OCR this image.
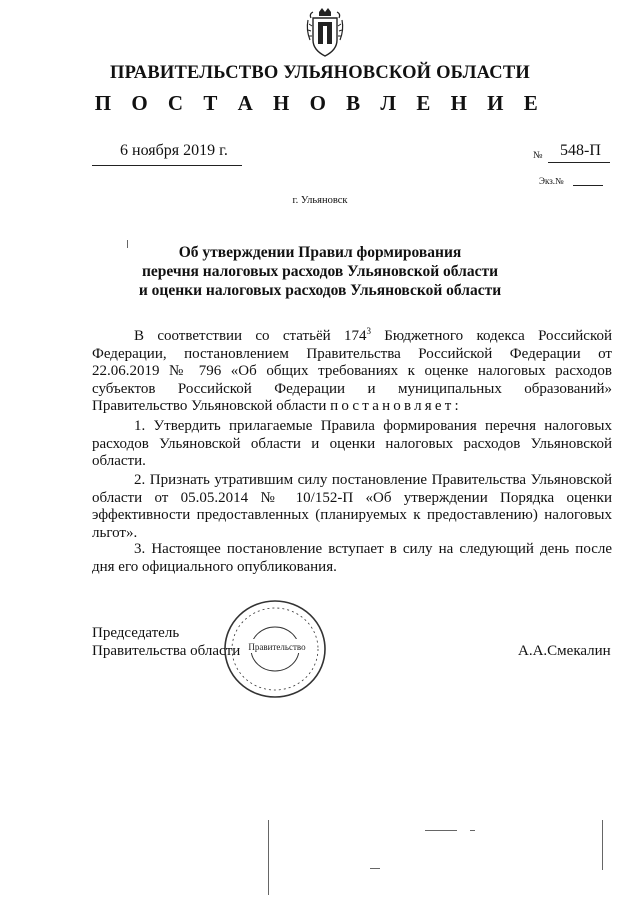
ПРАВИТЕЛЬСТВО УЛЬЯНОВСКОЙ ОБЛАСТИ
П О С Т А Н О В Л Е Н И Е
6 ноября 2019 г.	№ 548-П
Экз.№
г. Ульяновск
Об утверждении Правил формирования
перечня налоговых расходов Ульяновской области
и оценки налоговых расходов Ульяновской области
В соответствии со статьёй $174^3$ Бюджетного кодекса Российской Федерации, постановлением Правительства Российской Федерации от 22.06.2019 № 796 «Об общих требованиях к оценке налоговых расходов субъектов Российской Федерации и муниципальных образований» Правительство Ульяновской области постановляет:
1. Утвердить прилагаемые Правила формирования перечня налоговых расходов Ульяновской области и оценки налоговых расходов Ульяновской области.
2. Признать утратившим силу постановление Правительства Ульяновской области от 05.05.2014 № 10/152-П «Об утверждении Порядка оценки эффективности предоставленных (планируемых к предоставлению) налоговых льгот».
3. Настоящее постановление вступает в силу на следующий день после дня его официального опубликования.
Правительство
Председатель
Правительства области	А.А.Смекалин
